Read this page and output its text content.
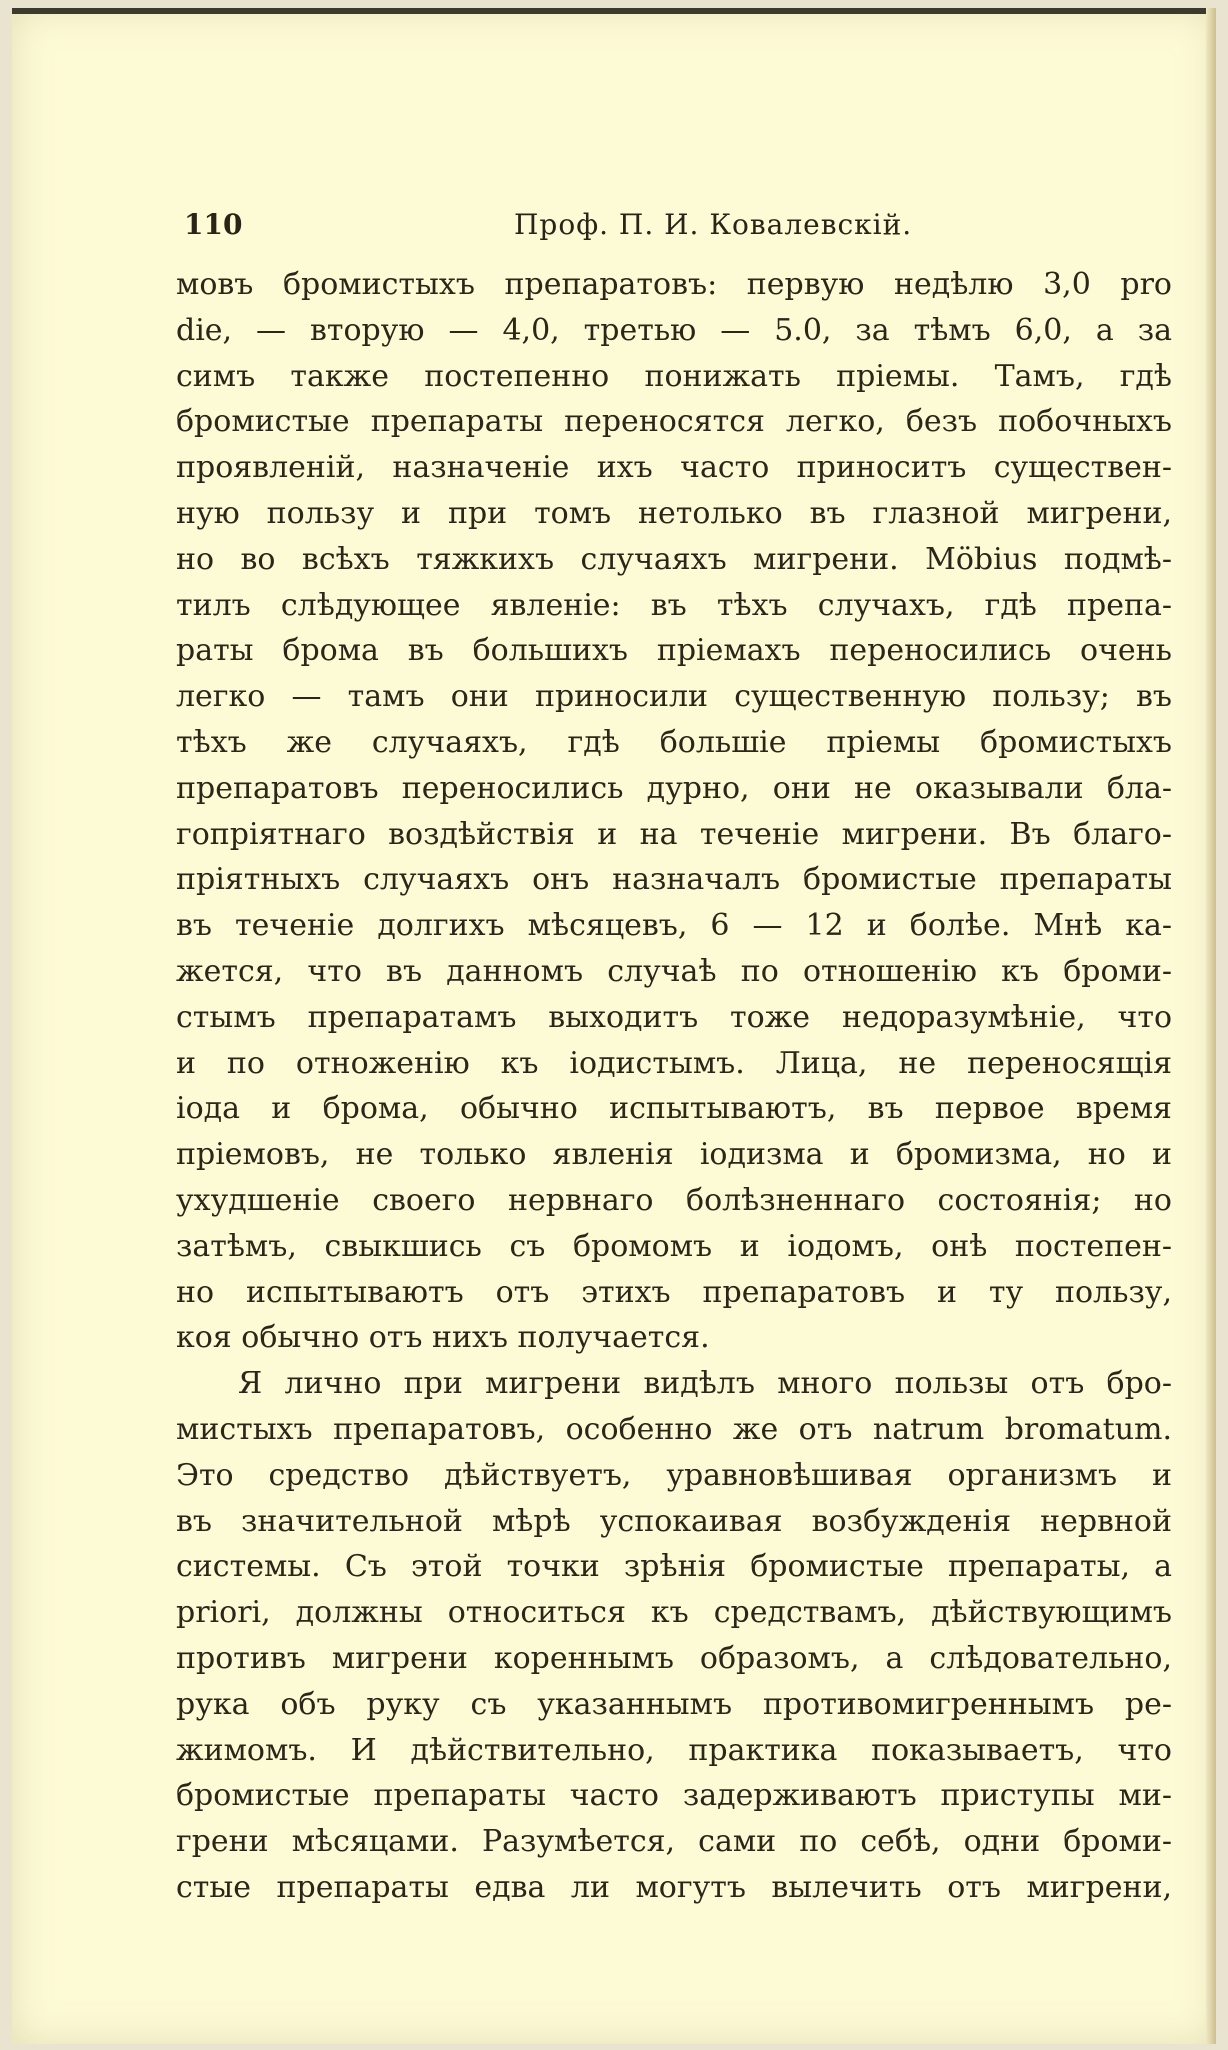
110	Проф. П. И. Ковалевскій.
мовъ бромистыхъ препаратовъ: первую недѣлю 3,0 pro
die, — вторую — 4,0, третью — 5.0, за тѣмъ 6,0, а за
симъ также постепенно понижать пріемы. Тамъ, гдѣ
бромистые препараты переносятся легко, безъ побочныхъ
проявленій, назначеніе ихъ часто приноситъ существен-
ную пользу и при томъ нетолько въ глазной мигрени,
но во всѣхъ тяжкихъ случаяхъ мигрени. Möbius подмѣ-
тилъ слѣдующее явленіе: въ тѣхъ случахъ, гдѣ препа-
раты брома въ большихъ пріемахъ переносились очень
легко — тамъ они приносили существенную пользу; въ
тѣхъ же случаяхъ, гдѣ большіе пріемы бромистыхъ
препаратовъ переносились дурно, они не оказывали бла-
гопріятнаго воздѣйствія и на теченіе мигрени. Въ благо-
пріятныхъ случаяхъ онъ назначалъ бромистые препараты
въ теченіе долгихъ мѣсяцевъ, 6 — 12 и болѣе. Мнѣ ка-
жется, что въ данномъ случаѣ по отношенію къ броми-
стымъ препаратамъ выходитъ тоже недоразумѣніе, что
и по отноженію къ іодистымъ. Лица, не переносящія
іода и брома, обычно испытываютъ, въ первое время
пріемовъ, не только явленія іодизма и бромизма, но и
ухудшеніе своего нервнаго болѣзненнаго состоянія; но
затѣмъ, свыкшись съ бромомъ и іодомъ, онѣ постепен-
но испытываютъ отъ этихъ препаратовъ и ту пользу,
коя обычно отъ нихъ получается.
Я лично при мигрени видѣлъ много пользы отъ бро-
мистыхъ препаратовъ, особенно же отъ natrum bromatum.
Это средство дѣйствуетъ, уравновѣшивая организмъ и
въ значительной мѣрѣ успокаивая возбужденія нервной
системы. Съ этой точки зрѣнія бромистые препараты, a
priori, должны относиться къ средствамъ, дѣйствующимъ
противъ мигрени кореннымъ образомъ, а слѣдовательно,
рука объ руку съ указаннымъ противомигреннымъ ре-
жимомъ. И дѣйствительно, практика показываетъ, что
бромистые препараты часто задерживаютъ приступы ми-
грени мѣсяцами. Разумѣется, сами по себѣ, одни броми-
стые препараты едва ли могутъ вылечить отъ мигрени,
